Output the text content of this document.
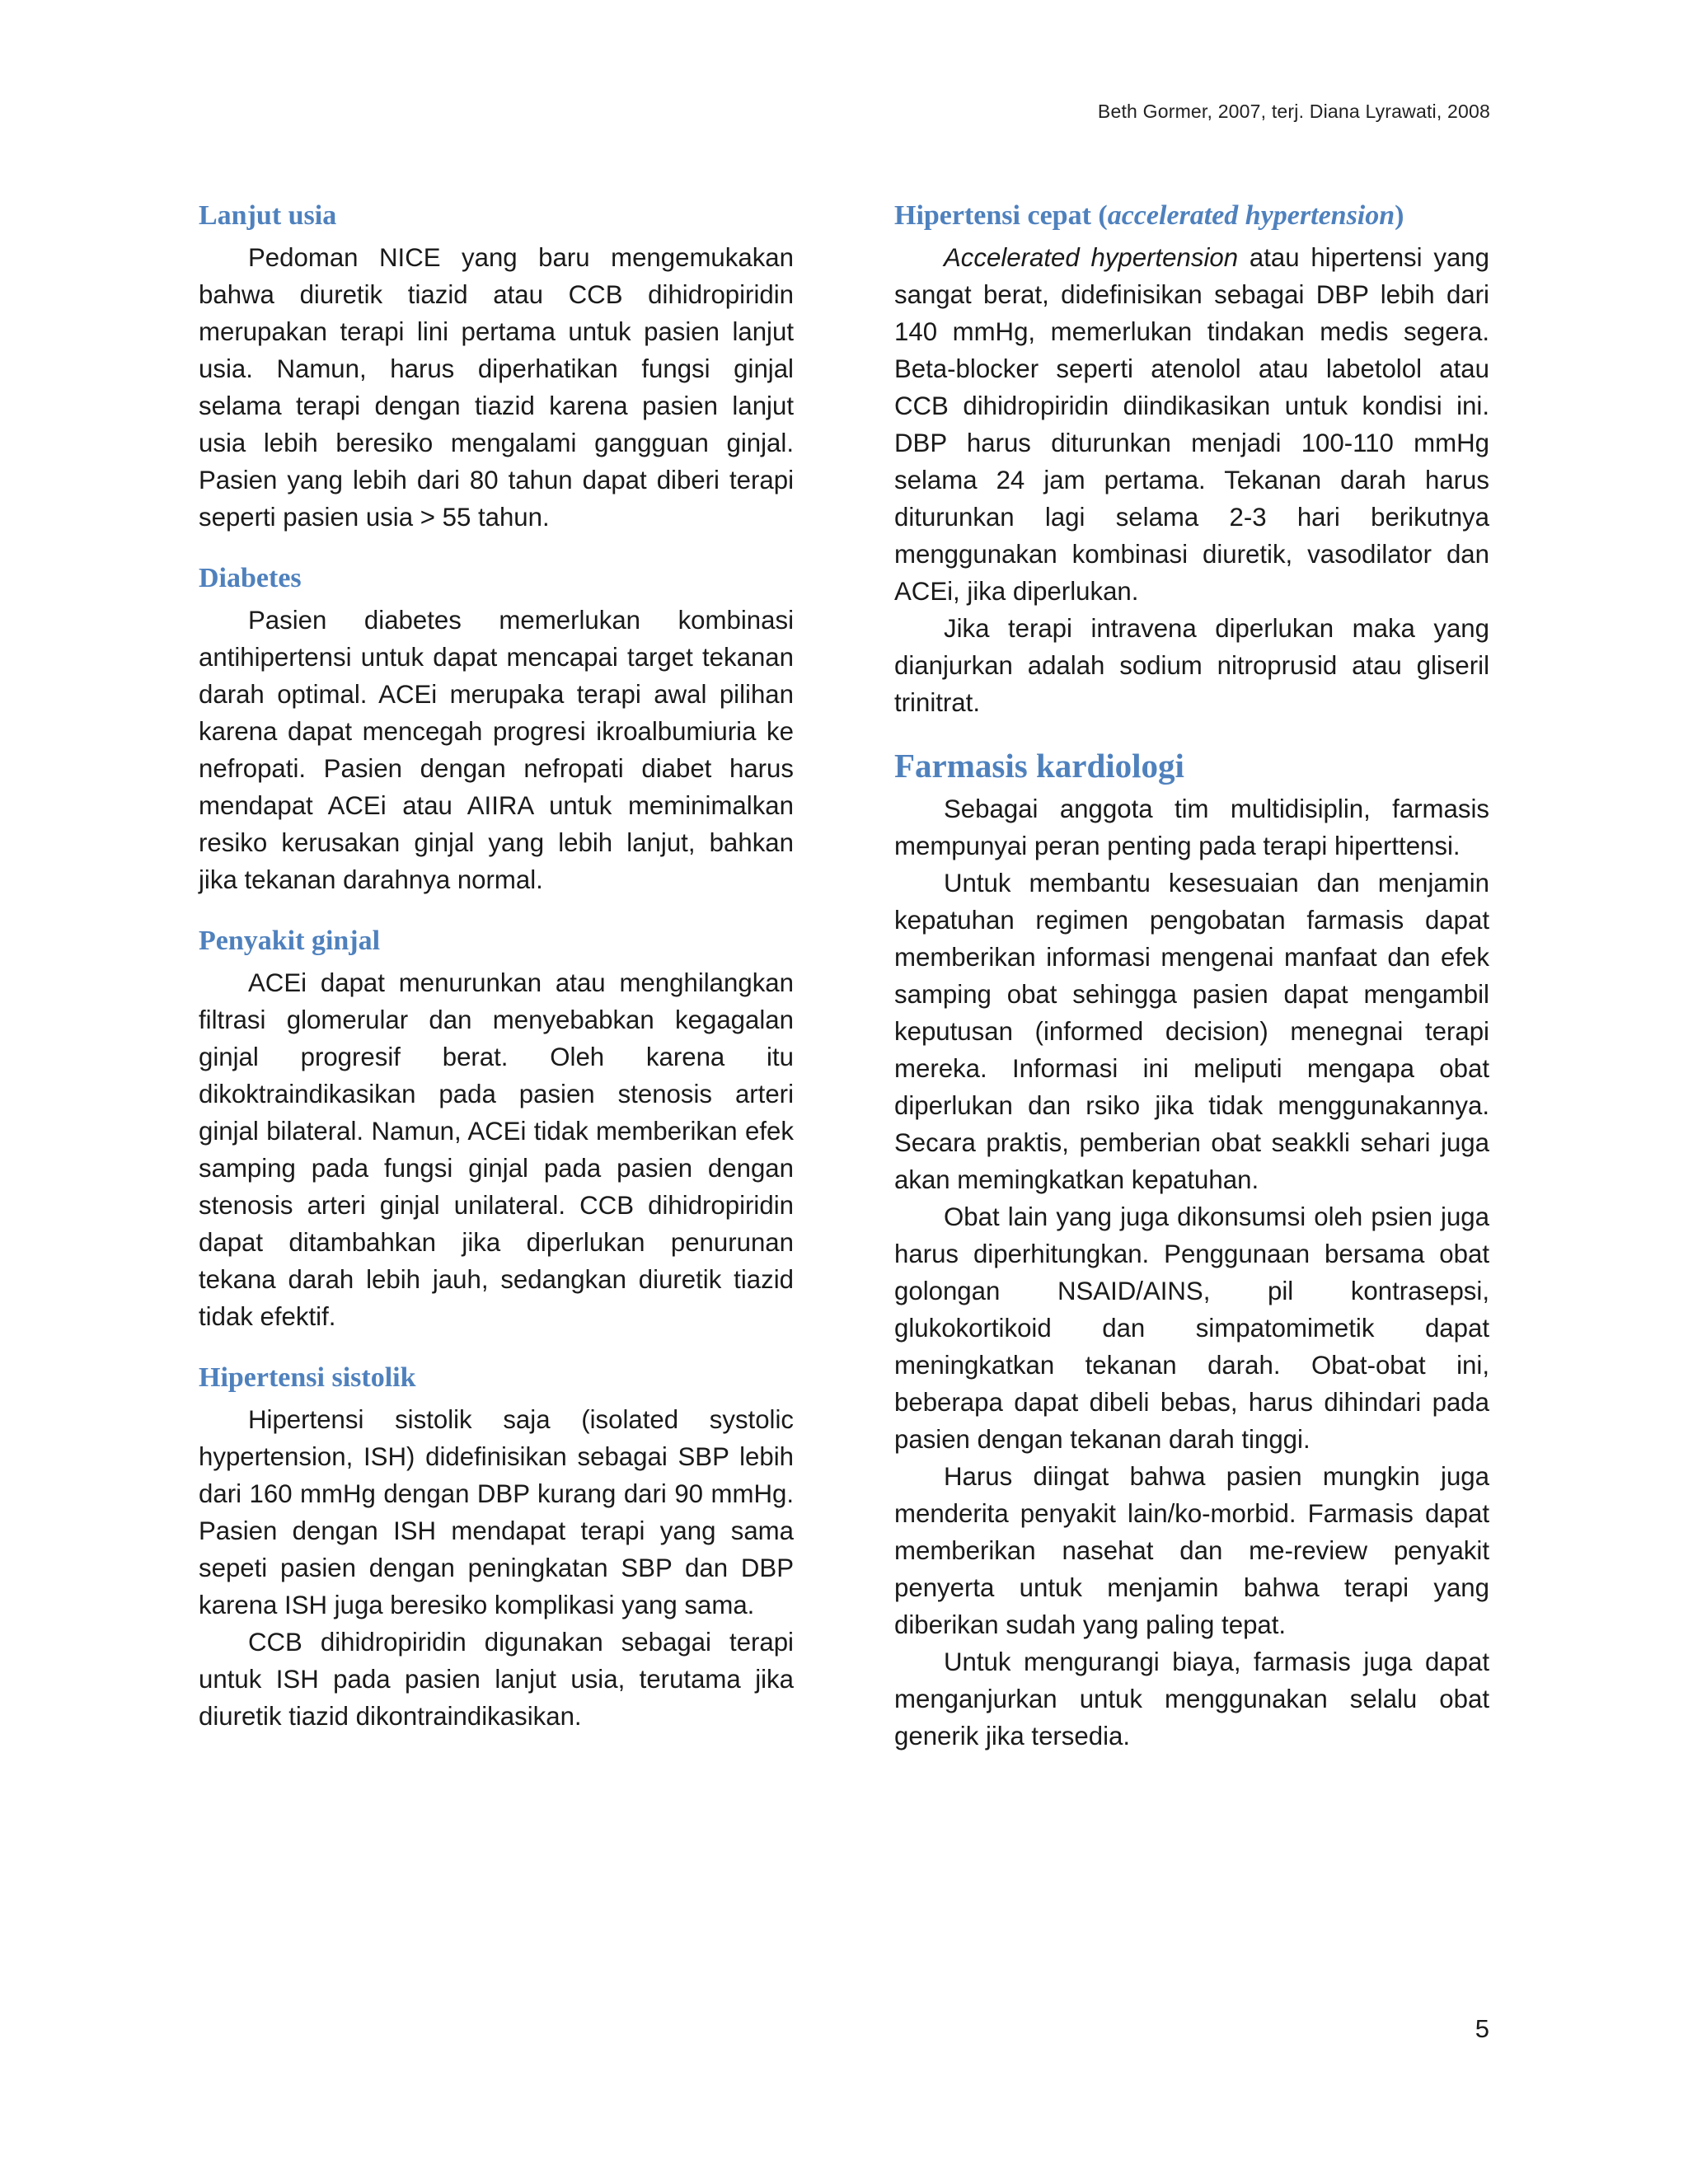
Beth Gormer, 2007, terj. Diana Lyrawati, 2008
Lanjut usia

Pedoman NICE yang baru mengemukakan bahwa diuretik tiazid atau CCB dihidropiridin merupakan terapi lini pertama untuk pasien lanjut usia. Namun, harus diperhatikan fungsi ginjal selama terapi dengan tiazid karena pasien lanjut usia lebih beresiko mengalami gangguan ginjal. Pasien yang lebih dari 80 tahun dapat diberi terapi seperti pasien usia > 55 tahun.

Diabetes

Pasien diabetes memerlukan kombinasi antihipertensi untuk dapat mencapai target tekanan darah optimal. ACEi merupaka terapi awal pilihan karena dapat mencegah progresi ikroalbumiuria ke nefropati. Pasien dengan nefropati diabet harus mendapat ACEi atau AIIRA untuk meminimalkan resiko kerusakan ginjal yang lebih lanjut, bahkan jika tekanan darahnya normal.

Penyakit ginjal

ACEi dapat menurunkan atau menghilangkan filtrasi glomerular dan menyebabkan kegagalan ginjal progresif berat. Oleh karena itu dikoktraindikasikan pada pasien stenosis arteri ginjal bilateral. Namun, ACEi tidak memberikan efek samping pada fungsi ginjal pada pasien dengan stenosis arteri ginjal unilateral. CCB dihidropiridin dapat ditambahkan jika diperlukan penurunan tekana darah lebih jauh, sedangkan diuretik tiazid tidak efektif.

Hipertensi sistolik

Hipertensi sistolik saja (isolated systolic hypertension, ISH) didefinisikan sebagai SBP lebih dari 160 mmHg dengan DBP kurang dari 90 mmHg. Pasien dengan ISH mendapat terapi yang sama sepeti pasien dengan peningkatan SBP dan DBP karena ISH juga beresiko komplikasi yang sama.

CCB dihidropiridin digunakan sebagai terapi untuk ISH pada pasien lanjut usia, terutama jika diuretik tiazid dikontraindikasikan.

Hipertensi cepat (accelerated hypertension)

Accelerated hypertension atau hipertensi yang sangat berat, didefinisikan sebagai DBP lebih dari 140 mmHg, memerlukan tindakan medis segera. Beta-blocker seperti atenolol atau labetolol atau CCB dihidropiridin diindikasikan untuk kondisi ini. DBP harus diturunkan menjadi 100-110 mmHg selama 24 jam pertama. Tekanan darah harus diturunkan lagi selama 2-3 hari berikutnya menggunakan kombinasi diuretik, vasodilator dan ACEi, jika diperlukan.

Jika terapi intravena diperlukan maka yang dianjurkan adalah sodium nitroprusid atau gliseril trinitrat.

Farmasis kardiologi

Sebagai anggota tim multidisiplin, farmasis mempunyai peran penting pada terapi hiperttensi.

Untuk membantu kesesuaian dan menjamin kepatuhan regimen pengobatan farmasis dapat memberikan informasi mengenai manfaat dan efek samping obat sehingga pasien dapat mengambil keputusan (informed decision) menegnai terapi mereka. Informasi ini meliputi mengapa obat diperlukan dan rsiko jika tidak menggunakannya. Secara praktis, pemberian obat seakkli sehari juga akan memingkatkan kepatuhan.

Obat lain yang juga dikonsumsi oleh psien juga harus diperhitungkan. Penggunaan bersama obat golongan NSAID/AINS, pil kontrasepsi, glukokortikoid dan simpatomimetik dapat meningkatkan tekanan darah. Obat-obat ini, beberapa dapat dibeli bebas, harus dihindari pada pasien dengan tekanan darah tinggi.

Harus diingat bahwa pasien mungkin juga menderita penyakit lain/ko-morbid. Farmasis dapat memberikan nasehat dan me-review penyakit penyerta untuk menjamin bahwa terapi yang diberikan sudah yang paling tepat.

Untuk mengurangi biaya, farmasis juga dapat menganjurkan untuk menggunakan selalu obat generik jika tersedia.

5
